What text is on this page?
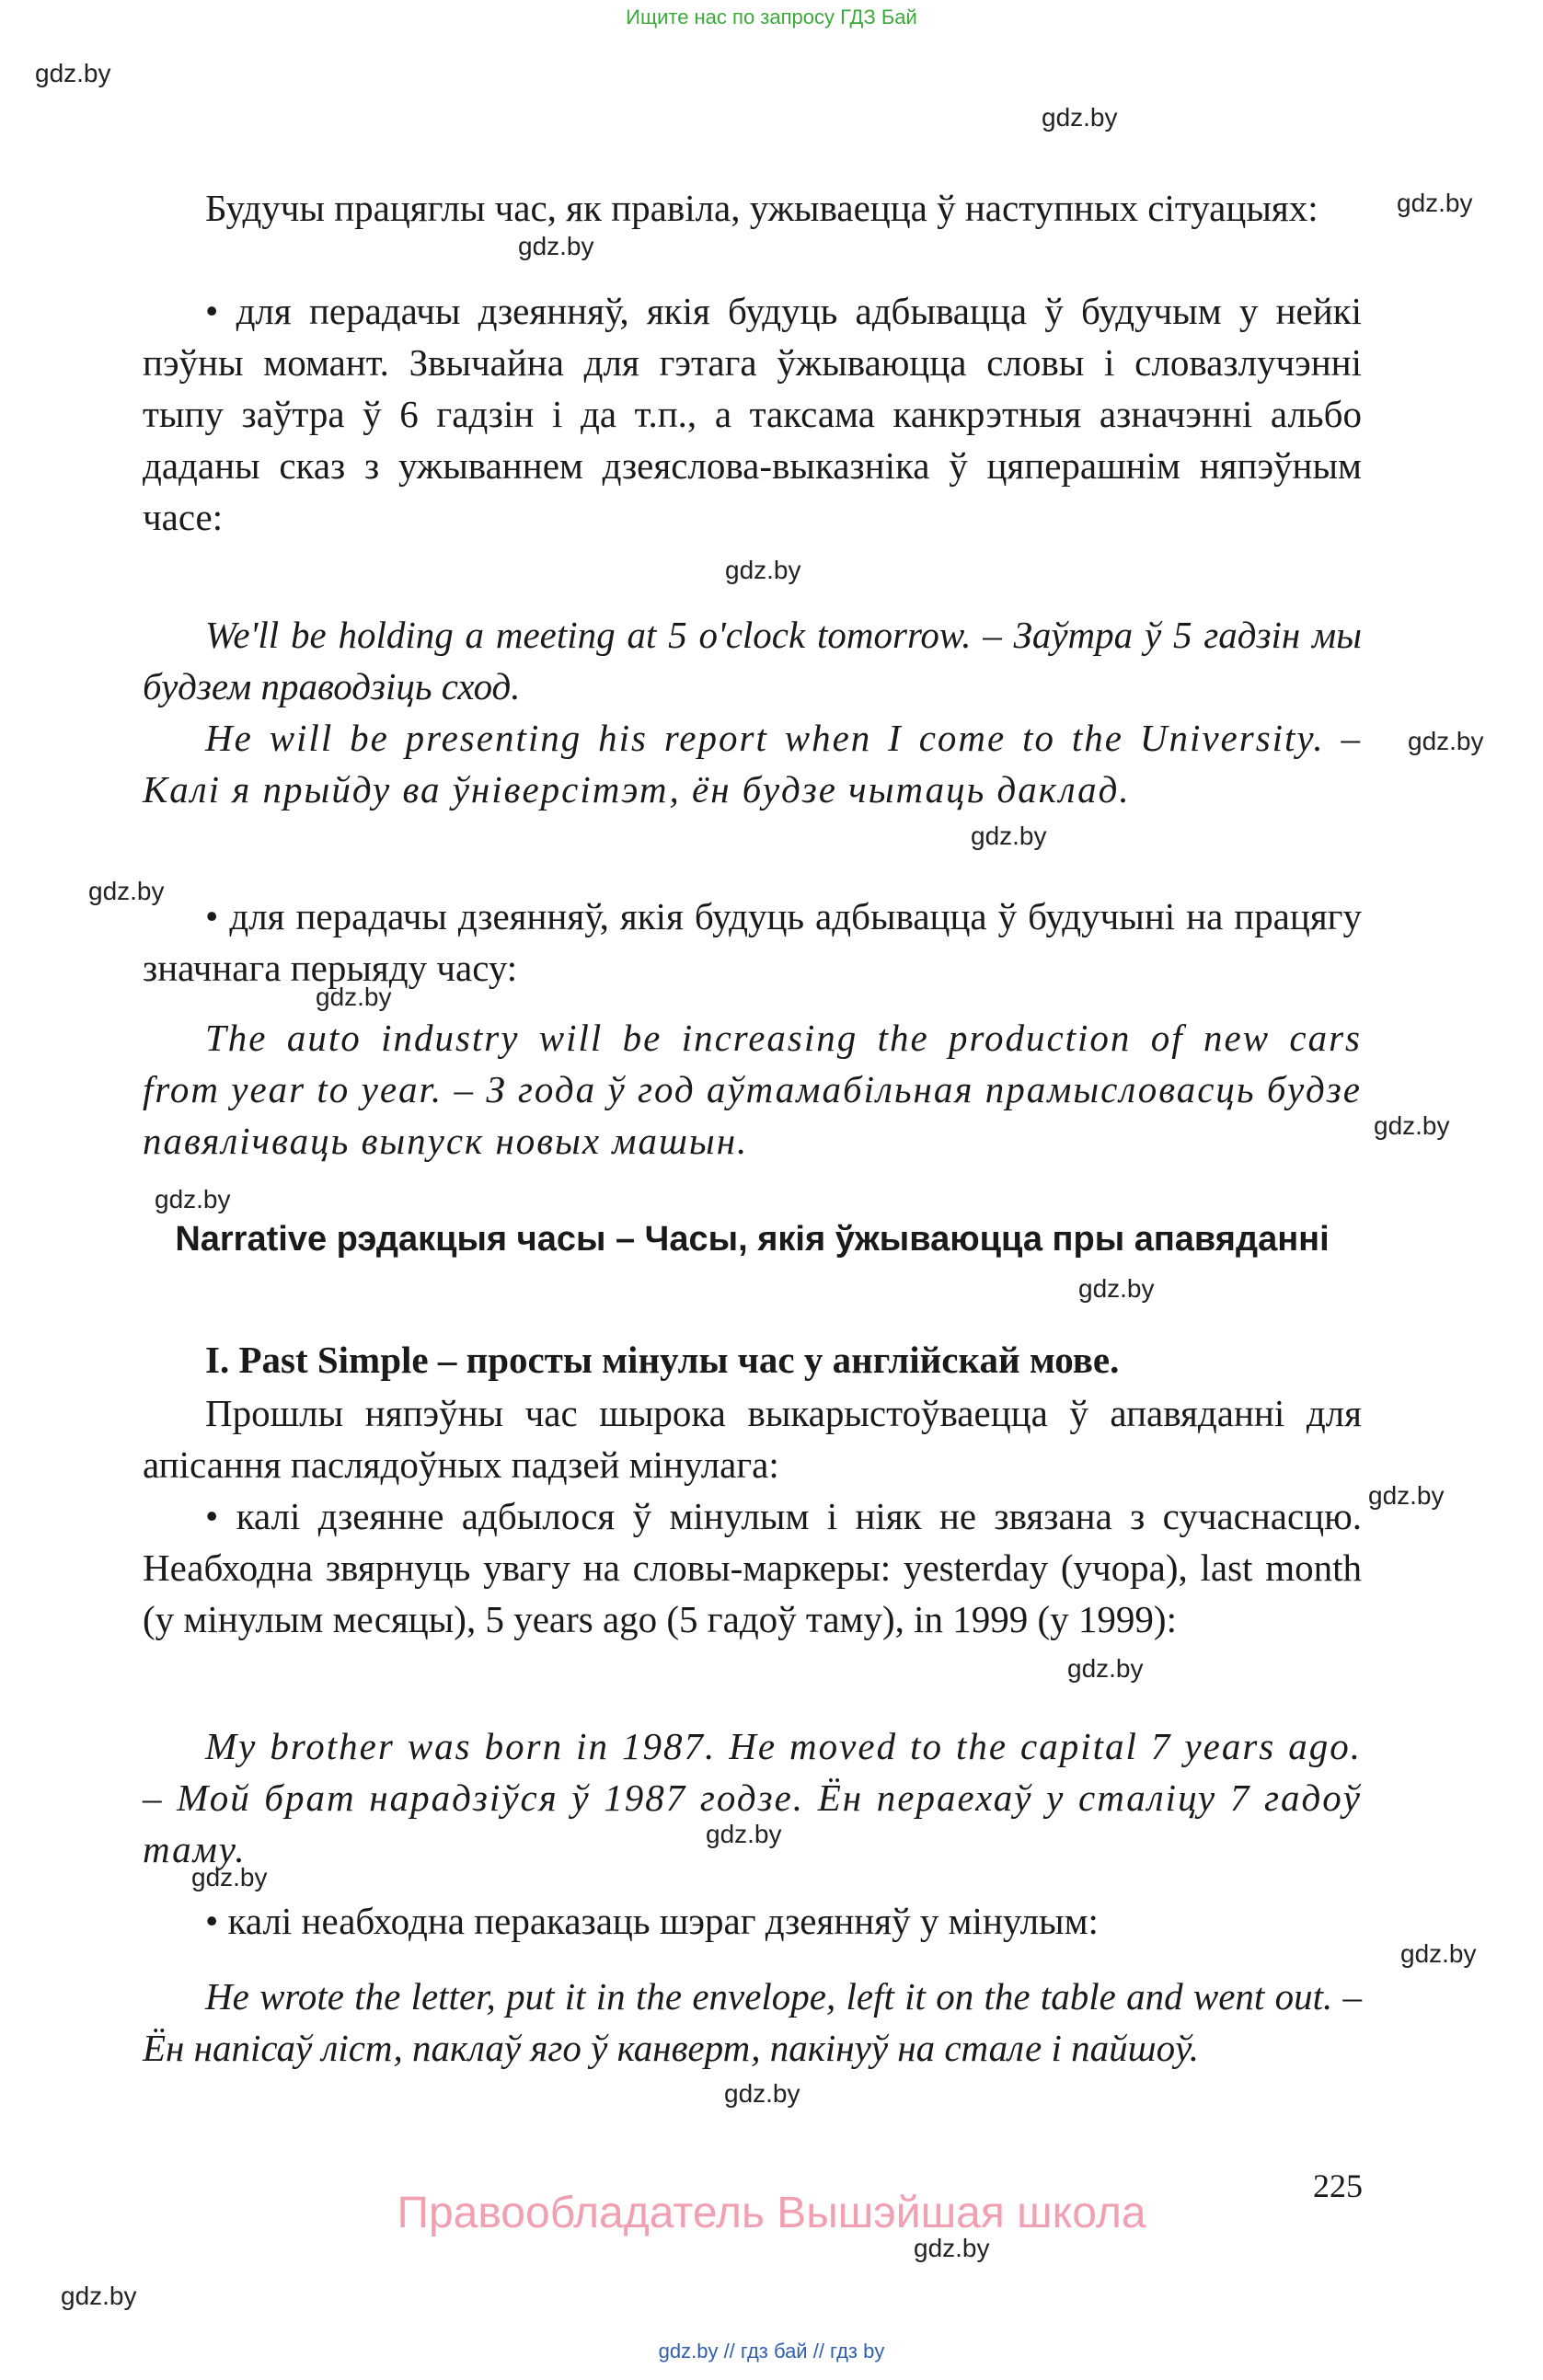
Ищите нас по запросу ГДЗ Бай
gdz.by
gdz.by
gdz.by
gdz.by
gdz.by
gdz.by
gdz.by
gdz.by
gdz.by
gdz.by
gdz.by
gdz.by
gdz.by
gdz.by
gdz.by
gdz.by
gdz.by
gdz.by
gdz.by
gdz.by

Будучы працяглы час, як правіла, ужываецца ў наступных сітуацыях:

• для перадачы дзеянняў, якія будуць адбывацца ў будучым у нейкі пэўны момант. Звычайна для гэтага ўжываюцца словы і словазлучэнні тыпу заўтра ў 6 гадзін і да т.п., а таксама канкрэтныя азначэнні альбо даданы сказ з ужываннем дзеяслова-выказніка ў цяперашнім няпэўным часе:

We'll be holding a meeting at 5 o'clock tomorrow. – Заўтра ў 5 гадзін мы будзем праводзіць сход.

He will be presenting his report when I come to the University. – Калі я прыйду ва ўніверсітэт, ён будзе чытаць даклад.

• для перадачы дзеянняў, якія будуць адбывацца ў будучыні на працягу значнага перыяду часу:

The auto industry will be increasing the production of new cars from year to year. – З года ў год аўтамабільная прамысловасць будзе павялічваць выпуск новых машын.

Narrative рэдакцыя часы – Часы, якія ўжываюцца пры апавяданні

I. Past Simple – просты мінулы час у англійскай мове.

Прошлы няпэўны час шырока выкарыстоўваецца ў апавяданні для апісання паслядоўных падзей мінулага:

• калі дзеянне адбылося ў мінулым і ніяк не звязана з сучаснасцю. Неабходна звярнуць увагу на словы-маркеры: yesterday (учора), last month (у мінулым месяцы), 5 years ago (5 гадоў таму), in 1999 (у 1999):

My brother was born in 1987. He moved to the capital 7 years ago. – Мой брат нарадзіўся ў 1987 годзе. Ён пераехаў у сталіцу 7 гадоў таму.

• калі неабходна пераказаць шэраг дзеянняў у мінулым:

He wrote the letter, put it in the envelope, left it on the table and went out. – Ён напісаў ліст, паклаў яго ў канверт, пакінуў на стале і пайшоў.

225
Правообладатель Вышэйшая школа
gdz.by // гдз бай // гдз by
